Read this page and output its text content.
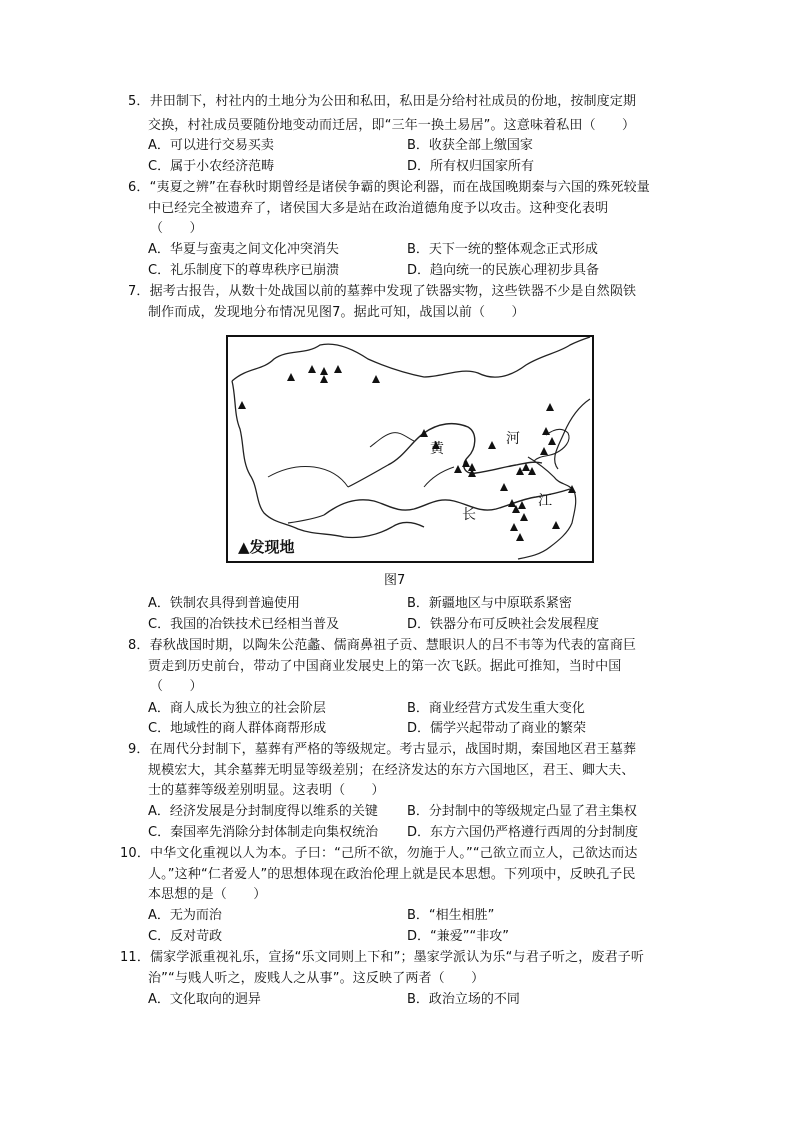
5．井田制下，村社内的土地分为公田和私田，私田是分给村社成员的份地，按制度定期
交换，村社成员要随份地变动而迁居，即“三年一换土易居”。这意味着私田（　　）
A．可以进行交易买卖	B．收获全部上缴国家
C．属于小农经济范畴	D．所有权归国家所有
6．“夷夏之辨”在春秋时期曾经是诸侯争霸的舆论利器，而在战国晚期秦与六国的殊死较量
中已经完全被遗弃了，诸侯国大多是站在政治道德角度予以攻击。这种变化表明
（　　）
A．华夏与蛮夷之间文化冲突消失	B．天下一统的整体观念正式形成
C．礼乐制度下的尊卑秩序已崩溃	D．趋向统一的民族心理初步具备
7．据考古报告，从数十处战国以前的墓葬中发现了铁器实物，这些铁器不少是自然陨铁
制作而成，发现地分布情况见图7。据此可知，战国以前（　　）
黄
河
长
江
▲发现地
图7
A．铁制农具得到普遍使用	B．新疆地区与中原联系紧密
C．我国的冶铁技术已经相当普及	D．铁器分布可反映社会发展程度
8．春秋战国时期，以陶朱公范蠡、儒商鼻祖子贡、慧眼识人的吕不韦等为代表的富商巨
贾走到历史前台，带动了中国商业发展史上的第一次飞跃。据此可推知，当时中国
（　　）
A．商人成长为独立的社会阶层	B．商业经营方式发生重大变化
C．地域性的商人群体商帮形成	D．儒学兴起带动了商业的繁荣
9．在周代分封制下，墓葬有严格的等级规定。考古显示，战国时期，秦国地区君王墓葬
规模宏大，其余墓葬无明显等级差别；在经济发达的东方六国地区，君王、卿大夫、
士的墓葬等级差别明显。这表明（　　）
A．经济发展是分封制度得以维系的关键 B．分封制中的等级规定凸显了君主集权
C．秦国率先消除分封体制走向集权统治 D．东方六国仍严格遵行西周的分封制度
10．中华文化重视以人为本。子曰：“己所不欲，勿施于人。”“己欲立而立人，己欲达而达
人。”这种“仁者爱人”的思想体现在政治伦理上就是民本思想。下列项中，反映孔子民
本思想的是（　　）
A．无为而治	B．“相生相胜”
C．反对苛政	D．“兼爱”“非攻”
11．儒家学派重视礼乐，宣扬“乐文同则上下和”；墨家学派认为乐“与君子听之，废君子听
治”“与贱人听之，废贱人之从事”。这反映了两者（　　）
A．文化取向的迥异	B．政治立场的不同
